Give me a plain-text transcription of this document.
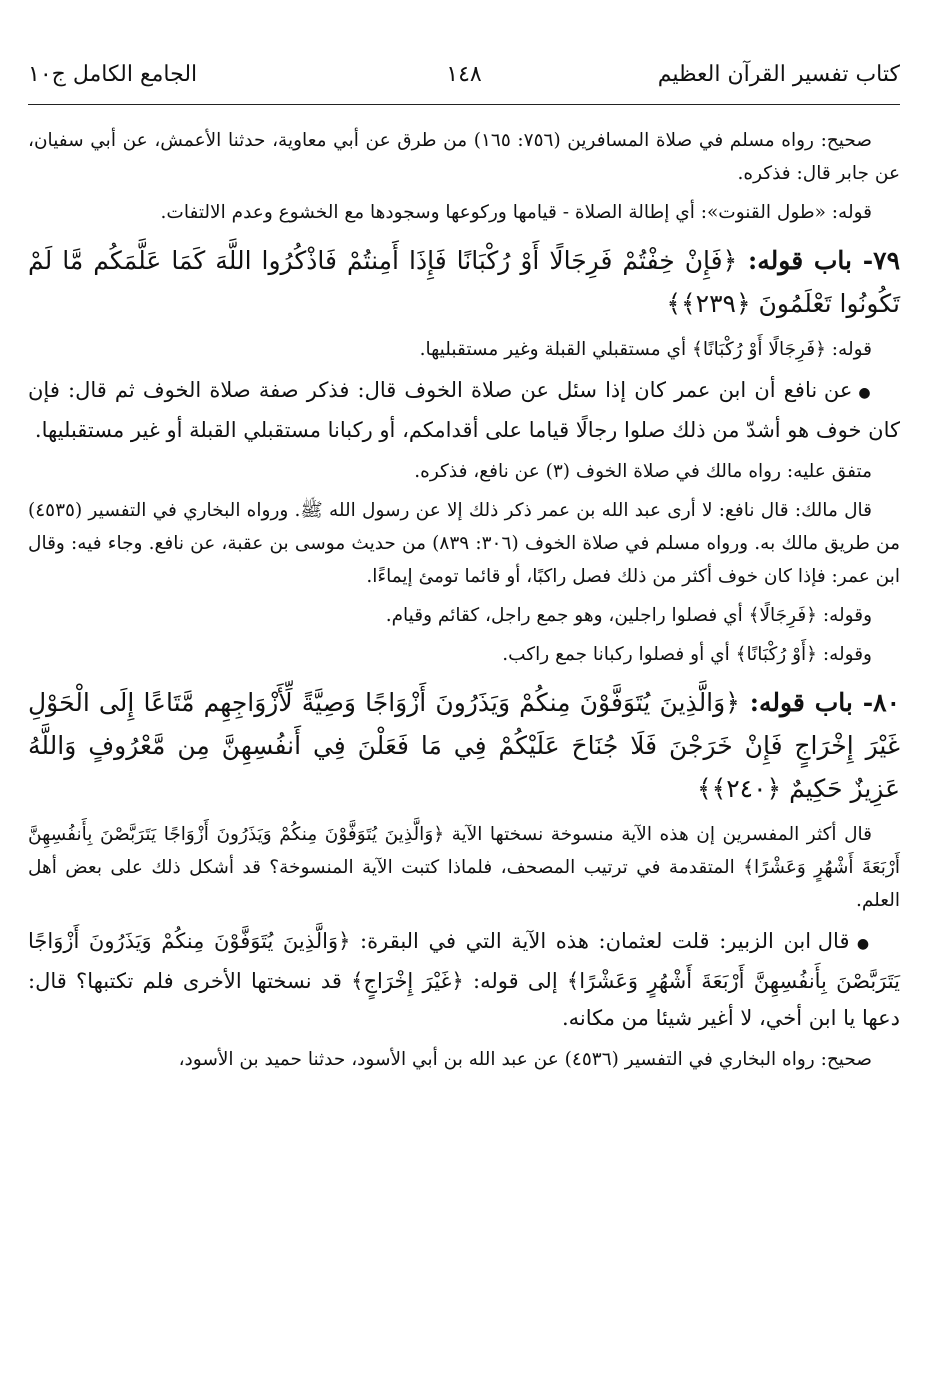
كتاب تفسير القرآن العظيم
١٤٨
الجامع الكامل ج١٠

صحيح: رواه مسلم في صلاة المسافرين (٧٥٦: ١٦٥) من طرق عن أبي معاوية، حدثنا الأعمش، عن أبي سفيان، عن جابر قال: فذكره.

قوله: «طول القنوت»: أي إطالة الصلاة - قيامها وركوعها وسجودها مع الخشوع وعدم الالتفات.

٧٩- باب قوله: ﴿فَإِنْ خِفْتُمْ فَرِجَالًا أَوْ رُكْبَانًا فَإِذَا أَمِنتُمْ فَاذْكُرُوا اللَّهَ كَمَا عَلَّمَكُم مَّا لَمْ تَكُونُوا تَعْلَمُونَ ﴿٢٣٩﴾﴾

قوله: ﴿فَرِجَالًا أَوْ رُكْبَانًا﴾ أي مستقبلي القبلة وغير مستقبليها.

● عن نافع أن ابن عمر كان إذا سئل عن صلاة الخوف قال: فذكر صفة صلاة الخوف ثم قال: فإن كان خوف هو أشدّ من ذلك صلوا رجالًا قياما على أقدامكم، أو ركبانا مستقبلي القبلة أو غير مستقبليها.

متفق عليه: رواه مالك في صلاة الخوف (٣) عن نافع، فذكره.

قال مالك: قال نافع: لا أرى عبد الله بن عمر ذكر ذلك إلا عن رسول الله ﷺ. ورواه البخاري في التفسير (٤٥٣٥) من طريق مالك به. ورواه مسلم في صلاة الخوف (٣٠٦: ٨٣٩) من حديث موسى بن عقبة، عن نافع. وجاء فيه: وقال ابن عمر: فإذا كان خوف أكثر من ذلك فصل راكبًا، أو قائما تومئ إيماءًا.

وقوله: ﴿فَرِجَالًا﴾ أي فصلوا راجلين، وهو جمع راجل، كقائم وقيام.

وقوله: ﴿أَوْ رُكْبَانًا﴾ أي أو فصلوا ركبانا جمع راكب.

٨٠- باب قوله: ﴿وَالَّذِينَ يُتَوَفَّوْنَ مِنكُمْ وَيَذَرُونَ أَزْوَاجًا وَصِيَّةً لِّأَزْوَاجِهِم مَّتَاعًا إِلَى الْحَوْلِ غَيْرَ إِخْرَاجٍ فَإِنْ خَرَجْنَ فَلَا جُنَاحَ عَلَيْكُمْ فِي مَا فَعَلْنَ فِي أَنفُسِهِنَّ مِن مَّعْرُوفٍ وَاللَّهُ عَزِيزٌ حَكِيمٌ ﴿٢٤٠﴾﴾

قال أكثر المفسرين إن هذه الآية منسوخة نسختها الآية ﴿وَالَّذِينَ يُتَوَفَّوْنَ مِنكُمْ وَيَذَرُونَ أَزْوَاجًا يَتَرَبَّصْنَ بِأَنفُسِهِنَّ أَرْبَعَةَ أَشْهُرٍ وَعَشْرًا﴾ المتقدمة في ترتيب المصحف، فلماذا كتبت الآية المنسوخة؟ قد أشكل ذلك على بعض أهل العلم.

● قال ابن الزبير: قلت لعثمان: هذه الآية التي في البقرة: ﴿وَالَّذِينَ يُتَوَفَّوْنَ مِنكُمْ وَيَذَرُونَ أَزْوَاجًا يَتَرَبَّصْنَ بِأَنفُسِهِنَّ أَرْبَعَةَ أَشْهُرٍ وَعَشْرًا﴾ إلى قوله: ﴿غَيْرَ إِخْرَاجٍ﴾ قد نسختها الأخرى فلم تكتبها؟ قال: دعها يا ابن أخي، لا أغير شيئا من مكانه.

صحيح: رواه البخاري في التفسير (٤٥٣٦) عن عبد الله بن أبي الأسود، حدثنا حميد بن الأسود،
